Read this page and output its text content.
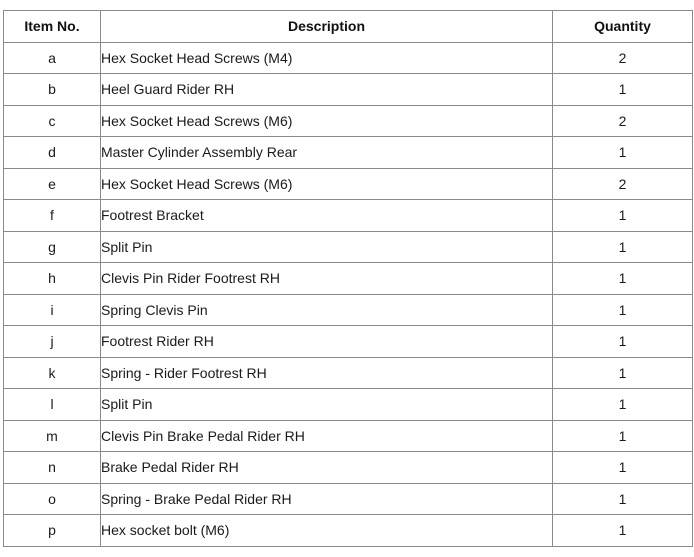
Item No.	Description	Quantity
a	Hex Socket Head Screws (M4)	2
b	Heel Guard Rider RH	1
c	Hex Socket Head Screws (M6)	2
d	Master Cylinder Assembly Rear	1
e	Hex Socket Head Screws (M6)	2
f	Footrest Bracket	1
g	Split Pin	1
h	Clevis Pin Rider Footrest RH	1
i	Spring Clevis Pin	1
j	Footrest Rider RH	1
k	Spring - Rider Footrest RH	1
l	Split Pin	1
m	Clevis Pin Brake Pedal Rider RH	1
n	Brake Pedal Rider RH	1
o	Spring - Brake Pedal Rider RH	1
p	Hex socket bolt (M6)	1
